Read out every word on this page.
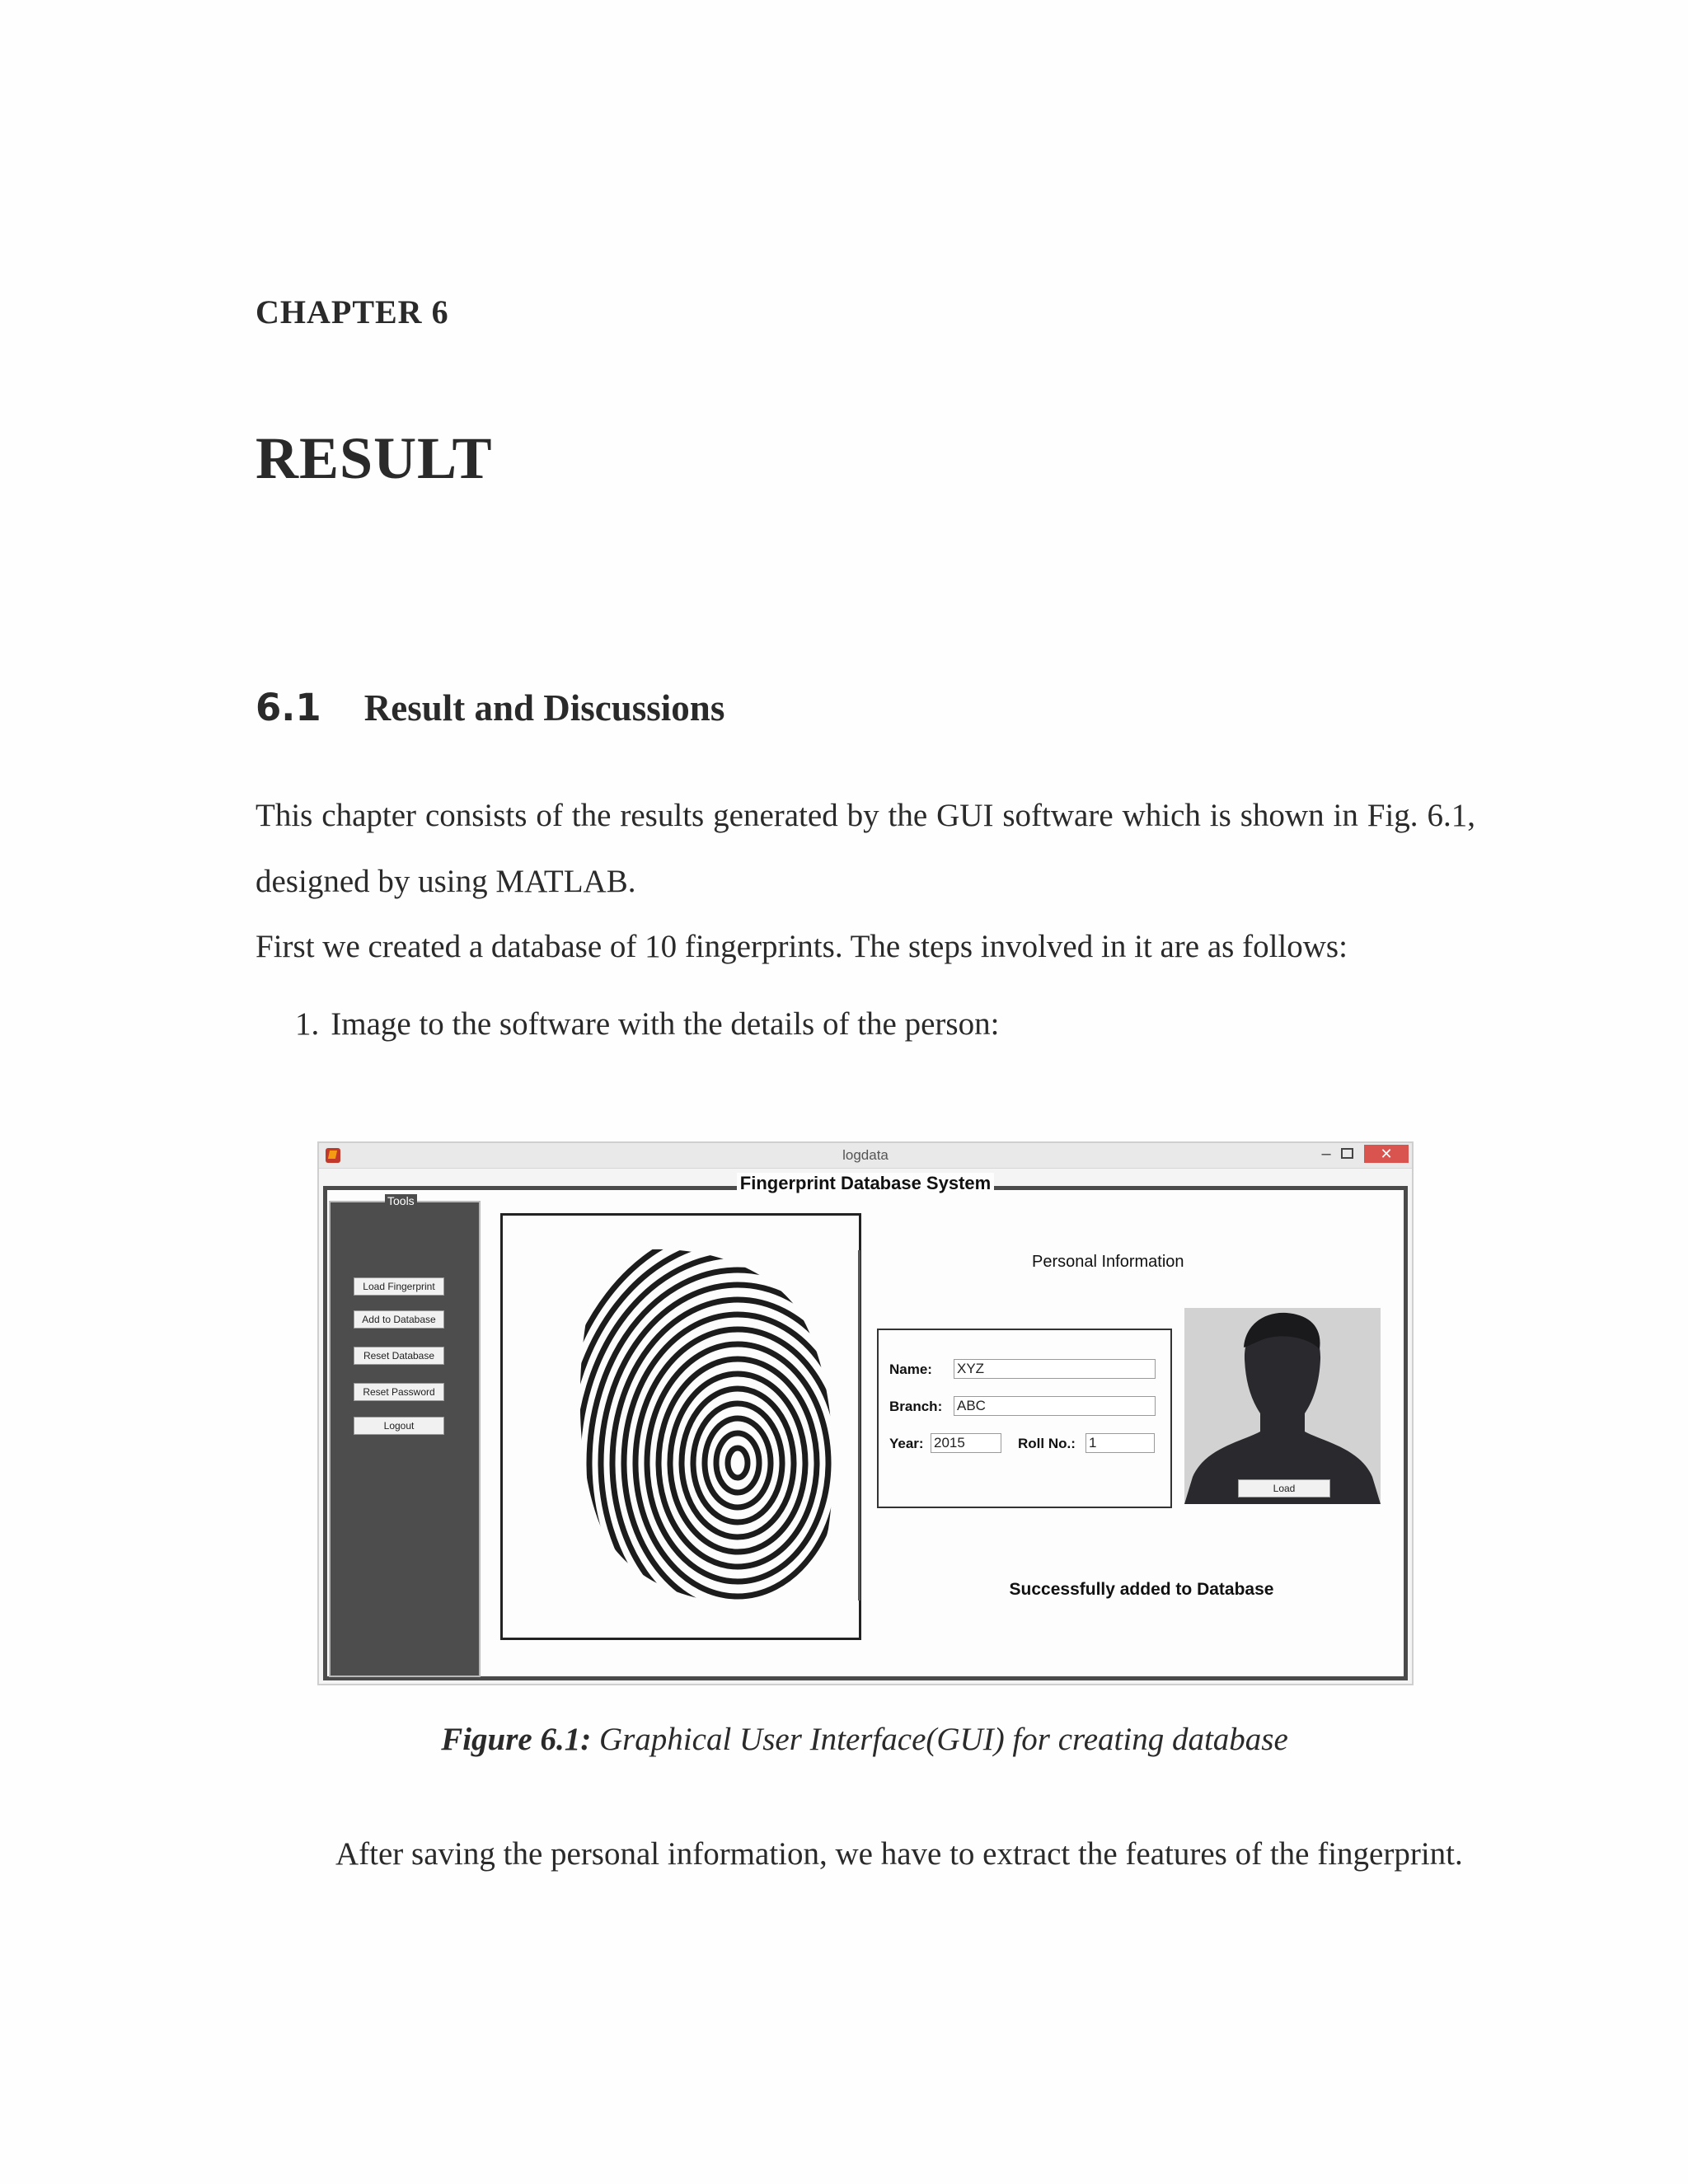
CHAPTER 6
RESULT
6.1 Result and Discussions
This chapter consists of the results generated by the GUI software which is shown in Fig. 6.1, designed by using MATLAB.
First we created a database of 10 fingerprints. The steps involved in it are as follows:
1. Image to the software with the details of the person:
logdata	–	✕
Fingerprint Database System
Tools
Load Fingerprint
Add to Database
Reset Database
Reset Password
Logout
Personal Information
Name: XYZ
Branch: ABC
Year: 2015	Roll No.: 1
Load
Successfully added to Database
Figure 6.1: Graphical User Interface(GUI) for creating database
After saving the personal information, we have to extract the features of the fingerprint.
